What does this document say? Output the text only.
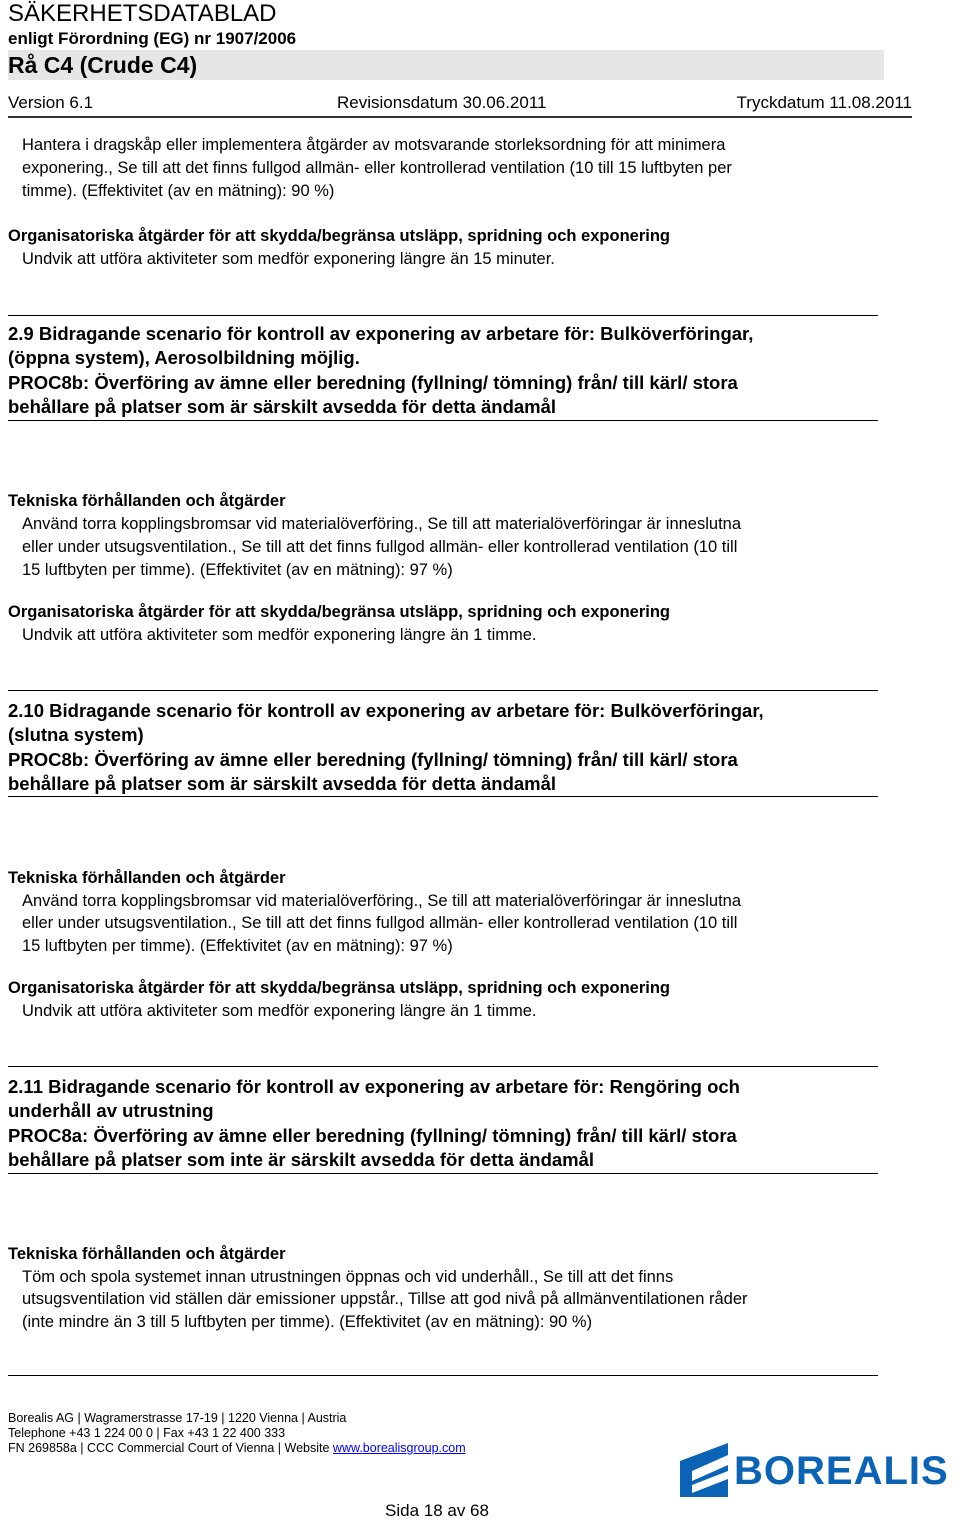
SÄKERHETSDATABLAD
enligt Förordning (EG) nr 1907/2006
Rå C4 (Crude C4)
Version 6.1	Revisionsdatum 30.06.2011	Tryckdatum 11.08.2011
Hantera i dragskåp eller implementera åtgärder av motsvarande storleksordning för att minimera
exponering., Se till att det finns fullgod allmän- eller kontrollerad ventilation (10 till 15 luftbyten per
timme). (Effektivitet (av en mätning): 90 %)
Organisatoriska åtgärder för att skydda/begränsa utsläpp, spridning och exponering
Undvik att utföra aktiviteter som medför exponering längre än 15 minuter.
2.9 Bidragande scenario för kontroll av exponering av arbetare för: Bulköverföringar,
(öppna system), Aerosolbildning möjlig.
PROC8b: Överföring av ämne eller beredning (fyllning/ tömning) från/ till kärl/ stora
behållare på platser som är särskilt avsedda för detta ändamål
Tekniska förhållanden och åtgärder
Använd torra kopplingsbromsar vid materialöverföring., Se till att materialöverföringar är inneslutna
eller under utsugsventilation., Se till att det finns fullgod allmän- eller kontrollerad ventilation (10 till
15 luftbyten per timme). (Effektivitet (av en mätning): 97 %)
Organisatoriska åtgärder för att skydda/begränsa utsläpp, spridning och exponering
Undvik att utföra aktiviteter som medför exponering längre än 1 timme.
2.10 Bidragande scenario för kontroll av exponering av arbetare för: Bulköverföringar,
(slutna system)
PROC8b: Överföring av ämne eller beredning (fyllning/ tömning) från/ till kärl/ stora
behållare på platser som är särskilt avsedda för detta ändamål
Tekniska förhållanden och åtgärder
Använd torra kopplingsbromsar vid materialöverföring., Se till att materialöverföringar är inneslutna
eller under utsugsventilation., Se till att det finns fullgod allmän- eller kontrollerad ventilation (10 till
15 luftbyten per timme). (Effektivitet (av en mätning): 97 %)
Organisatoriska åtgärder för att skydda/begränsa utsläpp, spridning och exponering
Undvik att utföra aktiviteter som medför exponering längre än 1 timme.
2.11 Bidragande scenario för kontroll av exponering av arbetare för: Rengöring och
underhåll av utrustning
PROC8a: Överföring av ämne eller beredning (fyllning/ tömning) från/ till kärl/ stora
behållare på platser som inte är särskilt avsedda för detta ändamål
Tekniska förhållanden och åtgärder
Töm och spola systemet innan utrustningen öppnas och vid underhåll., Se till att det finns
utsugsventilation vid ställen där emissioner uppstår., Tillse att god nivå på allmänventilationen råder
(inte mindre än 3 till 5 luftbyten per timme). (Effektivitet (av en mätning): 90 %)
Borealis AG | Wagramerstrasse 17-19 | 1220 Vienna | Austria
Telephone +43 1 224 00 0 | Fax +43 1 22 400 333
FN 269858a | CCC Commercial Court of Vienna | Website www.borealisgroup.com
BOREALIS
Sida 18 av 68
